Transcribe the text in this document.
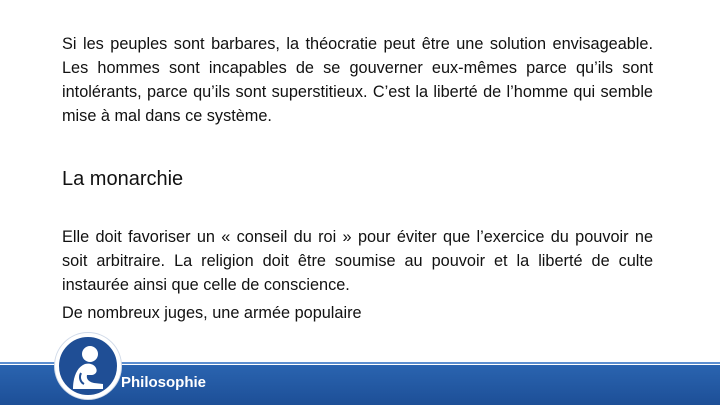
Si les peuples sont barbares, la théocratie peut être une solution envisageable. Les hommes sont incapables de se gouverner eux-mêmes parce qu’ils sont intolérants, parce qu’ils sont superstitieux. C’est la liberté de l’homme qui semble mise à mal dans ce système.
La monarchie
Elle doit favoriser un « conseil du roi » pour éviter que l’exercice du pouvoir ne soit arbitraire. La religion doit être soumise au pouvoir et la liberté de culte instaurée ainsi que celle de conscience.
De nombreux juges, une armée populaire
Philosophie
